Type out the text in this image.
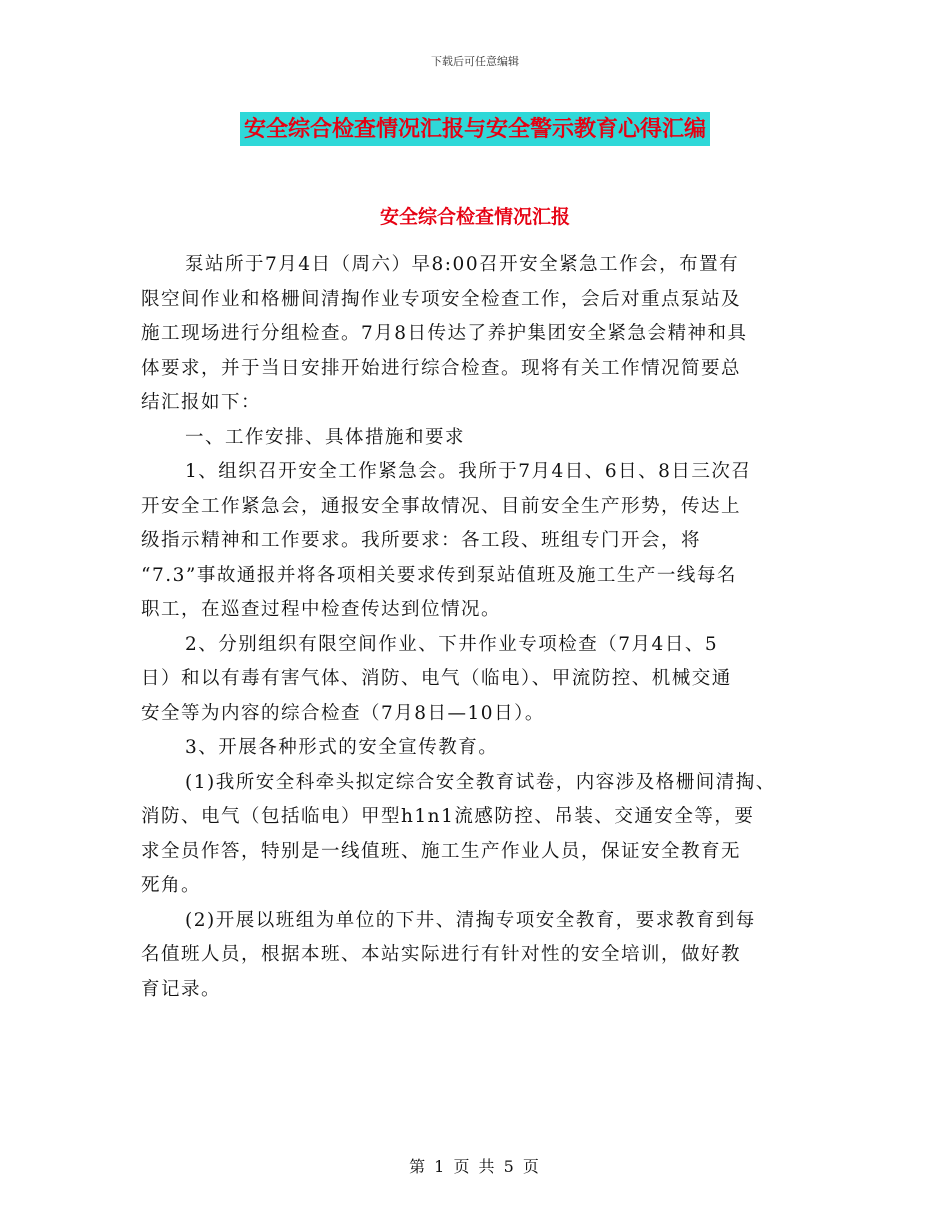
下载后可任意编辑
安全综合检查情况汇报与安全警示教育心得汇编
安全综合检查情况汇报
泵站所于7月4日（周六）早8:00召开安全紧急工作会，布置有
限空间作业和格栅间清掏作业专项安全检查工作，会后对重点泵站及
施工现场进行分组检查。7月8日传达了养护集团安全紧急会精神和具
体要求，并于当日安排开始进行综合检查。现将有关工作情况简要总
结汇报如下：
一、工作安排、具体措施和要求
1、组织召开安全工作紧急会。我所于7月4日、6日、8日三次召
开安全工作紧急会，通报安全事故情况、目前安全生产形势，传达上
级指示精神和工作要求。我所要求：各工段、班组专门开会，将
“7.3”事故通报并将各项相关要求传到泵站值班及施工生产一线每名
职工，在巡查过程中检查传达到位情况。
2、分别组织有限空间作业、下井作业专项检查（7月4日、5
日）和以有毒有害气体、消防、电气（临电）、甲流防控、机械交通
安全等为内容的综合检查（7月8日—10日）。
3、开展各种形式的安全宣传教育。
(1)我所安全科牵头拟定综合安全教育试卷，内容涉及格栅间清掏、
消防、电气（包括临电）甲型h1n1流感防控、吊装、交通安全等，要
求全员作答，特别是一线值班、施工生产作业人员，保证安全教育无
死角。
(2)开展以班组为单位的下井、清掏专项安全教育，要求教育到每
名值班人员，根据本班、本站实际进行有针对性的安全培训，做好教
育记录。
第 1 页 共 5 页
